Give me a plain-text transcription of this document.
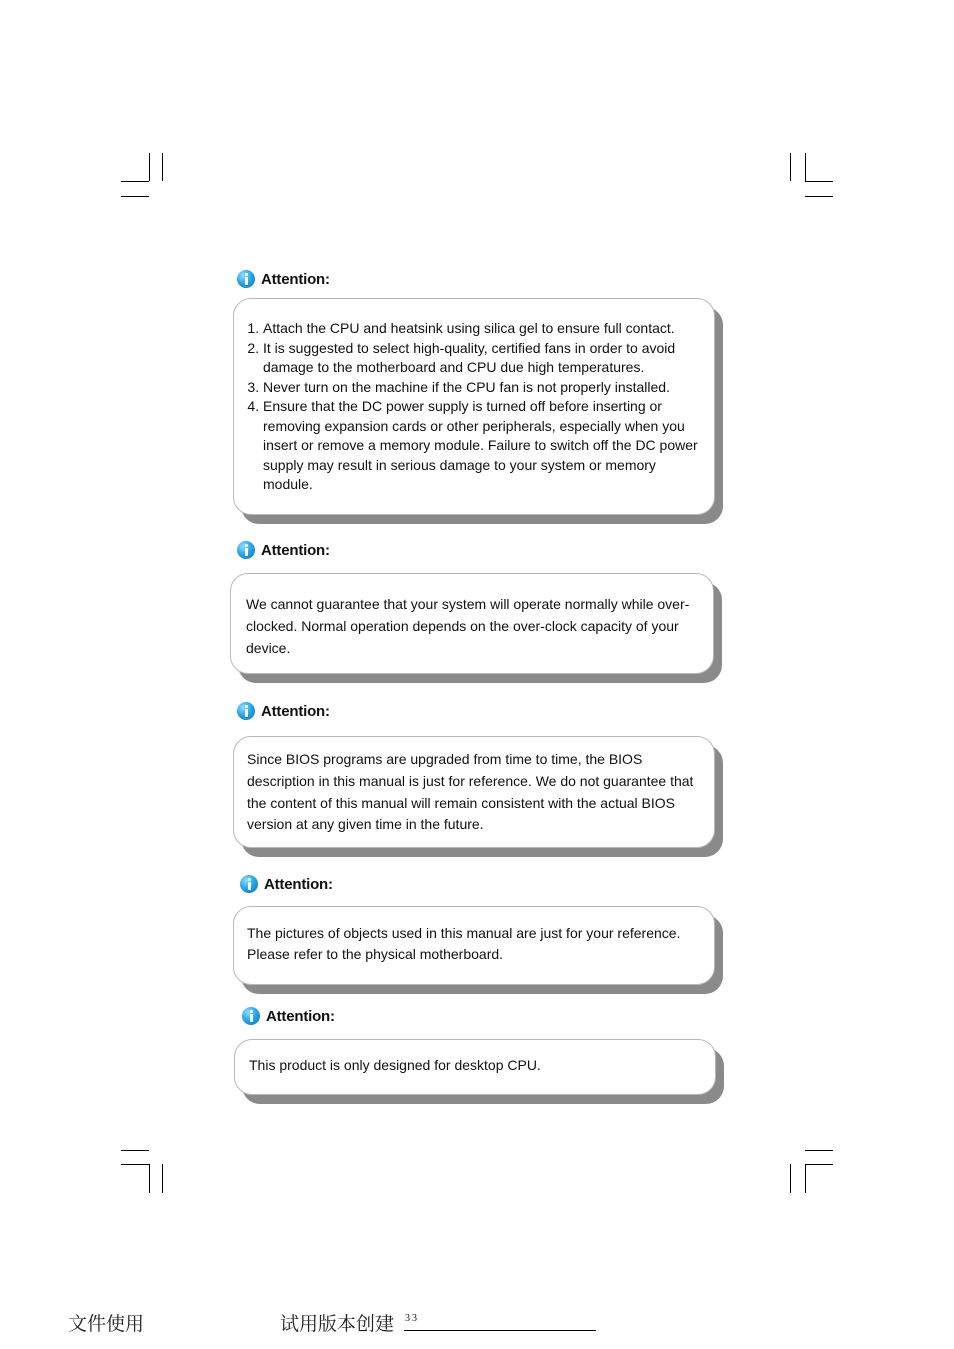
Attention:
1. Attach the CPU and heatsink using silica gel to ensure full contact.
2. It is suggested to select high-quality, certified fans in order to avoid damage to the motherboard and CPU due high temperatures.
3. Never turn on the machine if the CPU fan is not properly installed.
4. Ensure that the DC power supply is turned off before inserting or removing expansion cards or other peripherals, especially when you insert or remove a memory module. Failure to switch off the DC power supply may result in serious damage to your system or memory module.
Attention:

We cannot guarantee that your system will operate normally while over-clocked. Normal operation depends on the over-clock capacity of your device.

Attention:

Since BIOS programs are upgraded from time to time, the BIOS description in this manual is just for reference. We do not guarantee that the content of this manual will remain consistent with the actual BIOS version at any given time in the future.

Attention:

The pictures of objects used in this manual are just for your reference. Please refer to the physical motherboard.

Attention:

This product is only designed for desktop CPU.

文件使用	试用版本创建 33
